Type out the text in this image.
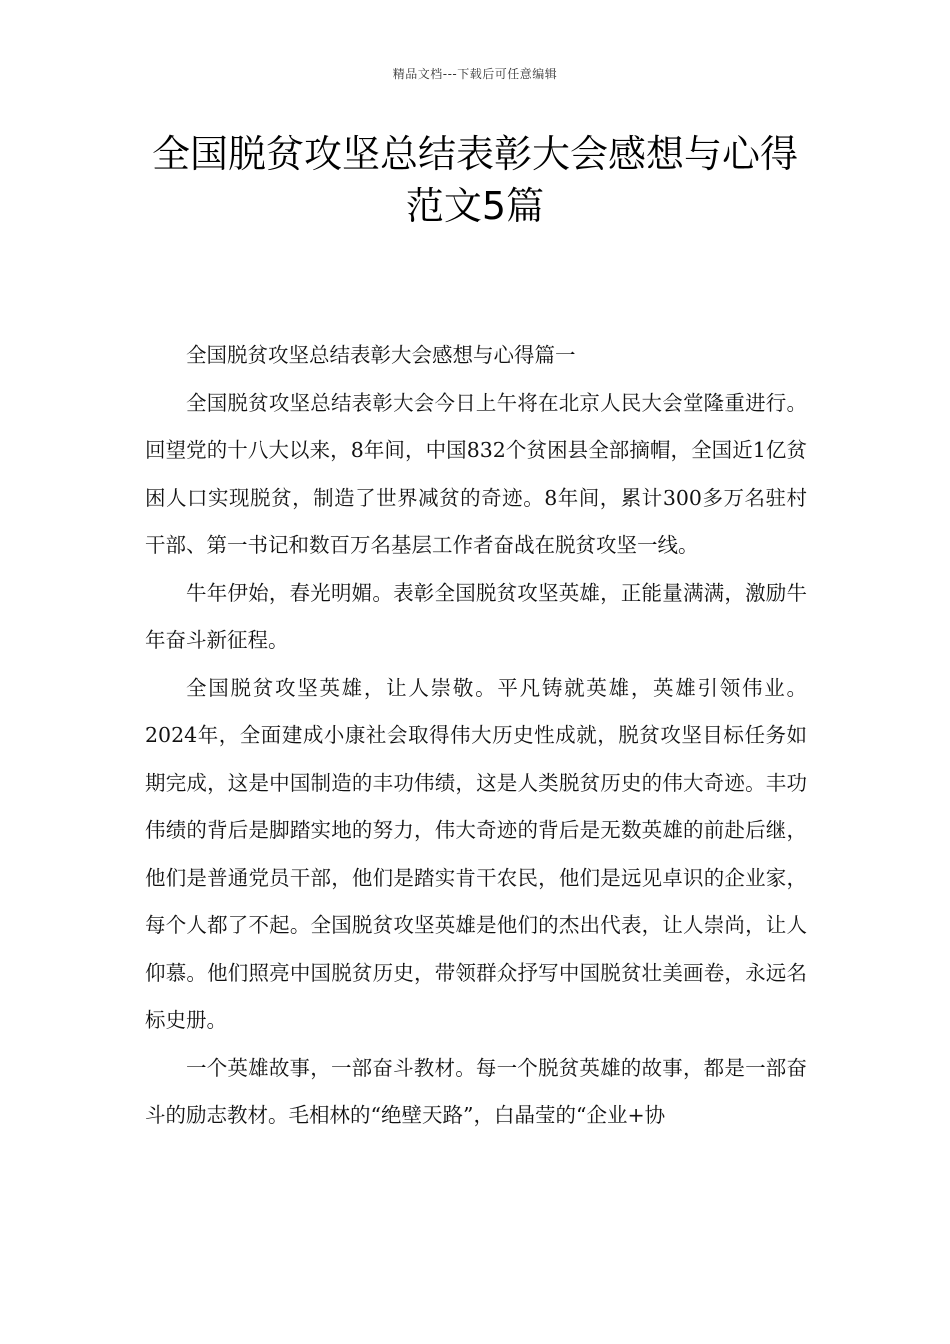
精品文档---下载后可任意编辑
全国脱贫攻坚总结表彰大会感想与心得
范文5篇

全国脱贫攻坚总结表彰大会感想与心得篇一

全国脱贫攻坚总结表彰大会今日上午将在北京人民大会堂隆重进行。回望党的十八大以来，8年间，中国832个贫困县全部摘帽，全国近1亿贫困人口实现脱贫，制造了世界减贫的奇迹。8年间，累计300多万名驻村干部、第一书记和数百万名基层工作者奋战在脱贫攻坚一线。

牛年伊始，春光明媚。表彰全国脱贫攻坚英雄，正能量满满，激励牛年奋斗新征程。

全国脱贫攻坚英雄，让人崇敬。平凡铸就英雄，英雄引领伟业。2024年，全面建成小康社会取得伟大历史性成就，脱贫攻坚目标任务如期完成，这是中国制造的丰功伟绩，这是人类脱贫历史的伟大奇迹。丰功伟绩的背后是脚踏实地的努力，伟大奇迹的背后是无数英雄的前赴后继，他们是普通党员干部，他们是踏实肯干农民，他们是远见卓识的企业家，每个人都了不起。全国脱贫攻坚英雄是他们的杰出代表，让人崇尚，让人仰慕。他们照亮中国脱贫历史，带领群众抒写中国脱贫壮美画卷，永远名标史册。

一个英雄故事，一部奋斗教材。每一个脱贫英雄的故事，都是一部奋斗的励志教材。毛相林的“绝壁天路”，白晶莹的“企业+协
